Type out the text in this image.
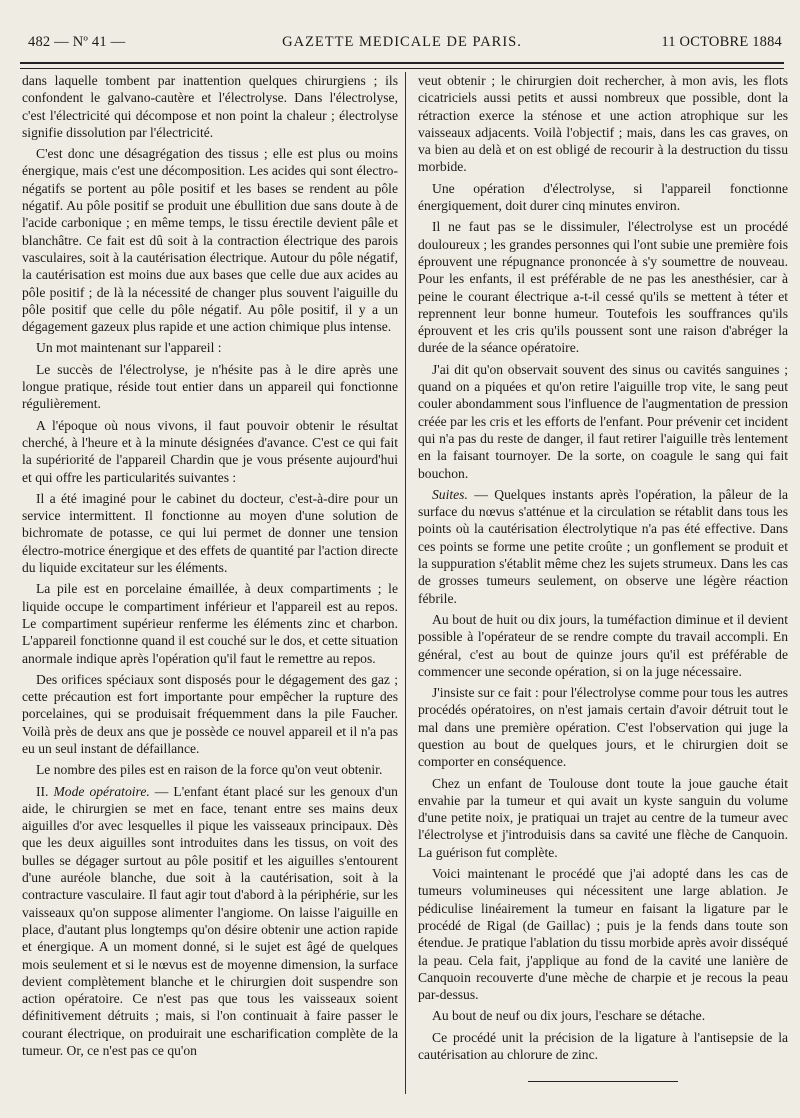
482 — Nº 41 —	GAZETTE MEDICALE DE PARIS.	11 OCTOBRE 1884

dans laquelle tombent par inattention quelques chirurgiens ; ils confondent le galvano-cautère et l'électrolyse. Dans l'électrolyse, c'est l'électricité qui décompose et non point la chaleur ; électrolyse signifie dissolution par l'électricité.

C'est donc une désagrégation des tissus ; elle est plus ou moins énergique, mais c'est une décomposition. Les acides qui sont électro-négatifs se portent au pôle positif et les bases se rendent au pôle négatif. Au pôle positif se produit une ébullition due sans doute à de l'acide carbonique ; en même temps, le tissu érectile devient pâle et blanchâtre. Ce fait est dû soit à la contraction électrique des parois vasculaires, soit à la cautérisation électrique. Autour du pôle négatif, la cautérisation est moins due aux bases que celle due aux acides au pôle positif ; de là la nécessité de changer plus souvent l'aiguille du pôle positif que celle du pôle négatif. Au pôle positif, il y a un dégagement gazeux plus rapide et une action chimique plus intense.

Un mot maintenant sur l'appareil :

Le succès de l'électrolyse, je n'hésite pas à le dire après une longue pratique, réside tout entier dans un appareil qui fonctionne régulièrement.

A l'époque où nous vivons, il faut pouvoir obtenir le résultat cherché, à l'heure et à la minute désignées d'avance. C'est ce qui fait la supériorité de l'appareil Chardin que je vous présente aujourd'hui et qui offre les particularités suivantes :

Il a été imaginé pour le cabinet du docteur, c'est-à-dire pour un service intermittent. Il fonctionne au moyen d'une solution de bichromate de potasse, ce qui lui permet de donner une tension électro-motrice énergique et des effets de quantité par l'action directe du liquide excitateur sur les éléments.

La pile est en porcelaine émaillée, à deux compartiments ; le liquide occupe le compartiment inférieur et l'appareil est au repos. Le compartiment supérieur renferme les éléments zinc et charbon. L'appareil fonctionne quand il est couché sur le dos, et cette situation anormale indique après l'opération qu'il faut le remettre au repos.

Des orifices spéciaux sont disposés pour le dégagement des gaz ; cette précaution est fort importante pour empêcher la rupture des porcelaines, qui se produisait fréquemment dans la pile Faucher. Voilà près de deux ans que je possède ce nouvel appareil et il n'a pas eu un seul instant de défaillance.

Le nombre des piles est en raison de la force qu'on veut obtenir.

II. Mode opératoire. — L'enfant étant placé sur les genoux d'un aide, le chirurgien se met en face, tenant entre ses mains deux aiguilles d'or avec lesquelles il pique les vaisseaux principaux. Dès que les deux aiguilles sont introduites dans les tissus, on voit des bulles se dégager surtout au pôle positif et les aiguilles s'entourent d'une auréole blanche, due soit à la cautérisation, soit à la contracture vasculaire. Il faut agir tout d'abord à la périphérie, sur les vaisseaux qu'on suppose alimenter l'angiome. On laisse l'aiguille en place, d'autant plus longtemps qu'on désire obtenir une action rapide et énergique. A un moment donné, si le sujet est âgé de quelques mois seulement et si le nœvus est de moyenne dimension, la surface devient complètement blanche et le chirurgien doit suspendre son action opératoire. Ce n'est pas que tous les vaisseaux soient définitivement détruits ; mais, si l'on continuait à faire passer le courant électrique, on produirait une escharification complète de la tumeur. Or, ce n'est pas ce qu'on

veut obtenir ; le chirurgien doit rechercher, à mon avis, les flots cicatriciels aussi petits et aussi nombreux que possible, dont la rétraction exerce la sténose et une action atrophique sur les vaisseaux adjacents. Voilà l'objectif ; mais, dans les cas graves, on va bien au delà et on est obligé de recourir à la destruction du tissu morbide.

Une opération d'électrolyse, si l'appareil fonctionne énergiquement, doit durer cinq minutes environ.

Il ne faut pas se le dissimuler, l'électrolyse est un procédé douloureux ; les grandes personnes qui l'ont subie une première fois éprouvent une répugnance prononcée à s'y soumettre de nouveau. Pour les enfants, il est préférable de ne pas les anesthésier, car à peine le courant électrique a-t-il cessé qu'ils se mettent à téter et reprennent leur bonne humeur. Toutefois les souffrances qu'ils éprouvent et les cris qu'ils poussent sont une raison d'abréger la durée de la séance opératoire.

J'ai dit qu'on observait souvent des sinus ou cavités sanguines ; quand on a piquées et qu'on retire l'aiguille trop vite, le sang peut couler abondamment sous l'influence de l'augmentation de pression créée par les cris et les efforts de l'enfant. Pour prévenir cet incident qui n'a pas du reste de danger, il faut retirer l'aiguille très lentement en la faisant tournoyer. De la sorte, on coagule le sang qui fait bouchon.

Suites. — Quelques instants après l'opération, la pâleur de la surface du nœvus s'atténue et la circulation se rétablit dans tous les points où la cautérisation électrolytique n'a pas été effective. Dans ces points se forme une petite croûte ; un gonflement se produit et la suppuration s'établit même chez les sujets strumeux. Dans les cas de grosses tumeurs seulement, on observe une légère réaction fébrile.

Au bout de huit ou dix jours, la tuméfaction diminue et il devient possible à l'opérateur de se rendre compte du travail accompli. En général, c'est au bout de quinze jours qu'il est préférable de commencer une seconde opération, si on la juge nécessaire.

J'insiste sur ce fait : pour l'électrolyse comme pour tous les autres procédés opératoires, on n'est jamais certain d'avoir détruit tout le mal dans une première opération. C'est l'observation qui juge la question au bout de quelques jours, et le chirurgien doit se comporter en conséquence.

Chez un enfant de Toulouse dont toute la joue gauche était envahie par la tumeur et qui avait un kyste sanguin du volume d'une petite noix, je pratiquai un trajet au centre de la tumeur avec l'électrolyse et j'introduisis dans sa cavité une flèche de Canquoin. La guérison fut complète.

Voici maintenant le procédé que j'ai adopté dans les cas de tumeurs volumineuses qui nécessitent une large ablation. Je pédiculise linéairement la tumeur en faisant la ligature par le procédé de Rigal (de Gaillac) ; puis je la fends dans toute son étendue. Je pratique l'ablation du tissu morbide après avoir disséqué la peau. Cela fait, j'applique au fond de la cavité une lanière de Canquoin recouverte d'une mèche de charpie et je recous la peau par-dessus.

Au bout de neuf ou dix jours, l'eschare se détache.

Ce procédé unit la précision de la ligature à l'antisepsie de la cautérisation au chlorure de zinc.
